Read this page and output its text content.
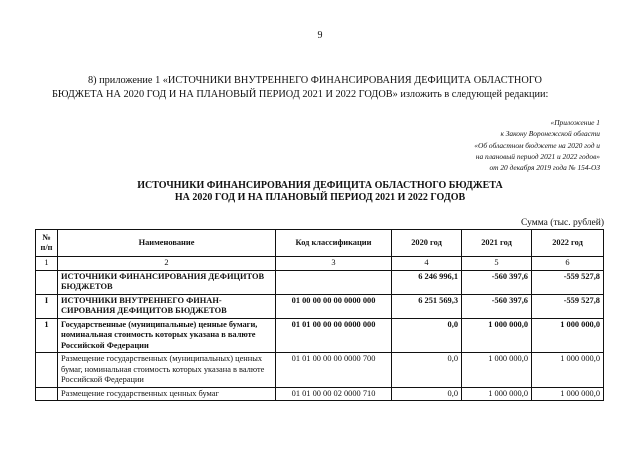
9
8) приложение 1 «ИСТОЧНИКИ ВНУТРЕННЕГО ФИНАНСИРОВАНИЯ ДЕФИЦИТА ОБЛАСТНОГО
БЮДЖЕТА НА 2020 ГОД И НА ПЛАНОВЫЙ ПЕРИОД 2021 И 2022 ГОДОВ» изложить в следующей редакции:
«Приложение 1
к Закону Воронежской области
«Об областном бюджете на 2020 год и
на плановый период 2021 и 2022 годов»
от 20 декабря 2019 года № 154-ОЗ
ИСТОЧНИКИ ФИНАНСИРОВАНИЯ ДЕФИЦИТА ОБЛАСТНОГО БЮДЖЕТА
НА 2020 ГОД И НА ПЛАНОВЫЙ ПЕРИОД 2021 И 2022 ГОДОВ
Сумма (тыс. рублей)
№ п/п	Наименование	Код классификации	2020 год	2021 год	2022 год
1	2	3	4	5	6
	ИСТОЧНИКИ ФИНАНСИРОВАНИЯ ДЕФИЦИТОВ БЮДЖЕТОВ		6 246 996,1	-560 397,6	-559 527,8
I	ИСТОЧНИКИ ВНУТРЕННЕГО ФИНАНСИРОВАНИЯ ДЕФИЦИТОВ БЮДЖЕТОВ	01 00 00 00 00 0000 000	6 251 569,3	-560 397,6	-559 527,8
1	Государственные (муниципальные) ценные бумаги, номинальная стоимость которых указана в валюте Российской Федерации	01 01 00 00 00 0000 000	0,0	1 000 000,0	1 000 000,0
	Размещение государственных (муниципальных) ценных бумаг, номинальная стоимость которых указана в валюте Российской Федерации	01 01 00 00 00 0000 700	0,0	1 000 000,0	1 000 000,0
	Размещение государственных ценных бумаг	01 01 00 00 02 0000 710	0,0	1 000 000,0	1 000 000,0
